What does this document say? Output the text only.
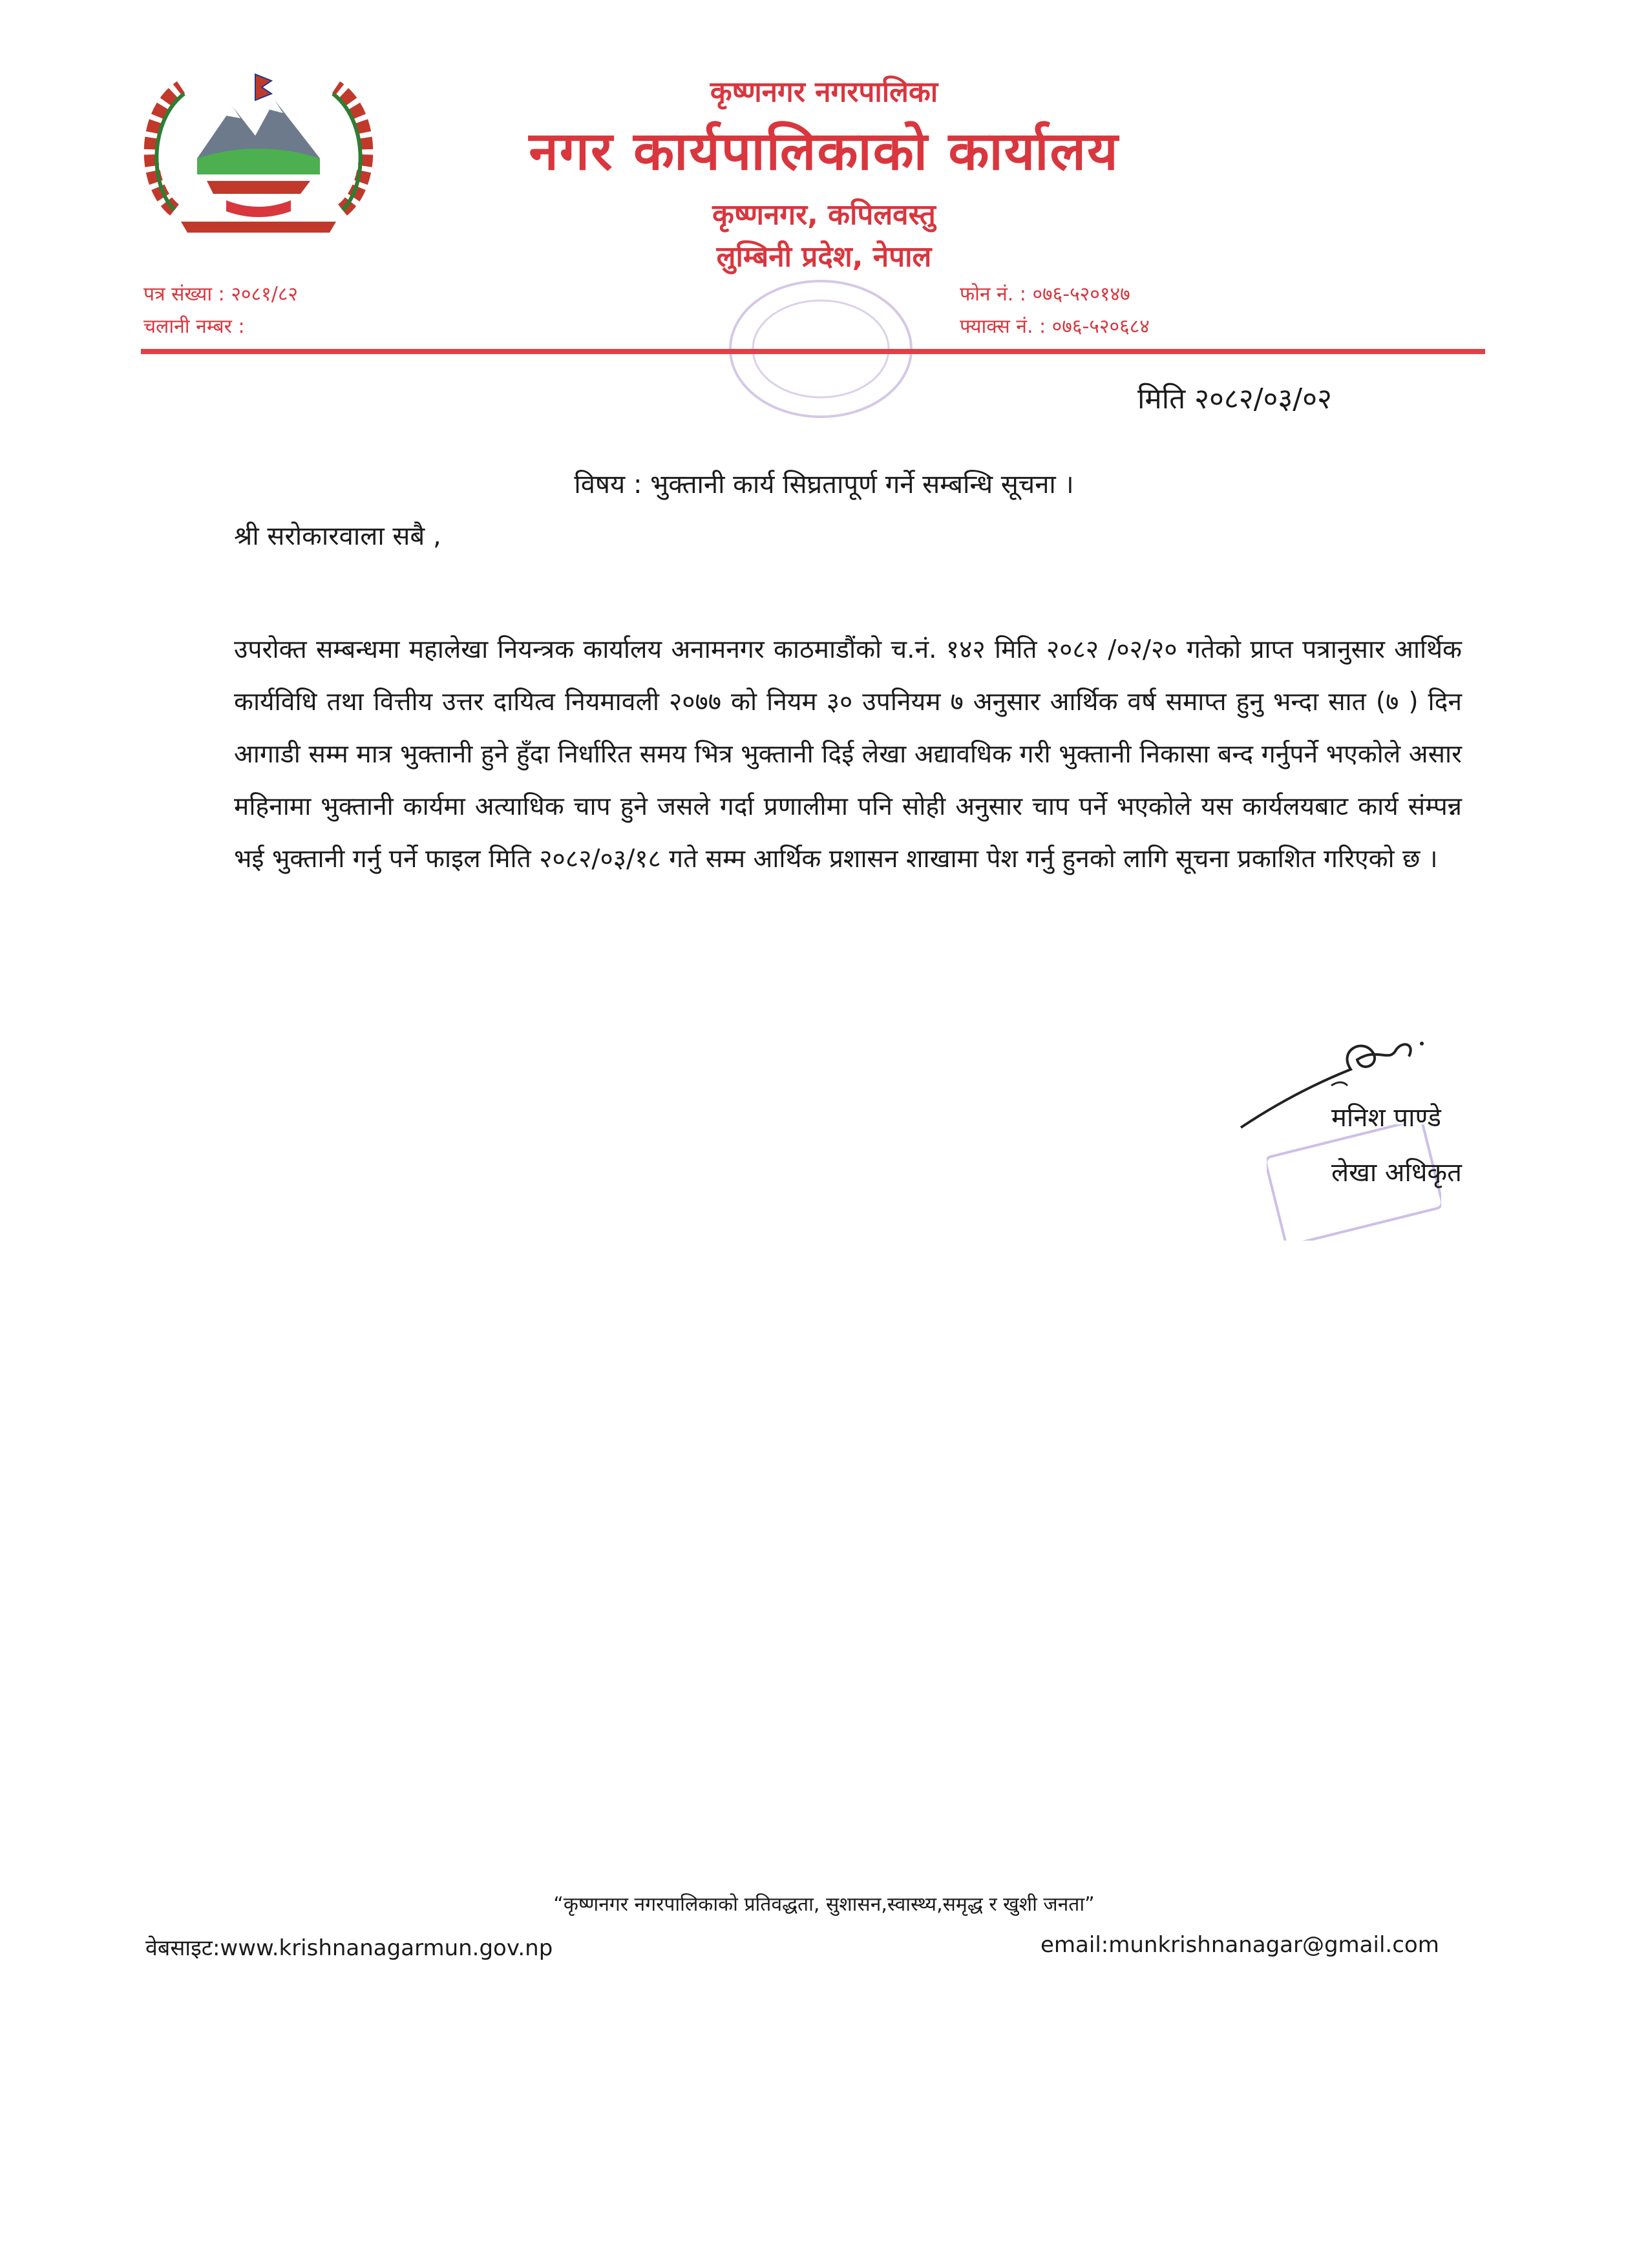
कृष्णनगर नगरपालिका
नगर कार्यपालिकाको कार्यालय
कृष्णनगर, कपिलवस्तु
लुम्बिनी प्रदेश, नेपाल
पत्र संख्या : २०८१/८२
चलानी नम्बर :
फोन नं. : ०७६-५२०१४७
फ्याक्स नं. : ०७६-५२०६८४
मिति २०८२/०३/०२
विषय : भुक्तानी कार्य सिघ्रतापूर्ण गर्ने सम्बन्धि सूचना ।
श्री सरोकारवाला सबै ,
उपरोक्त सम्बन्धमा महालेखा नियन्त्रक कार्यालय अनामनगर काठमाडौंको च.नं. १४२ मिति २०८२ /०२/२० गतेको प्राप्त पत्रानुसार आर्थिक कार्यविधि तथा वित्तीय उत्तर दायित्व नियमावली २०७७ को नियम ३० उपनियम ७ अनुसार आर्थिक वर्ष समाप्त हुनु भन्दा सात (७ ) दिन आगाडी सम्म मात्र भुक्तानी हुने हुँदा निर्धारित समय भित्र भुक्तानी दिई लेखा अद्यावधिक गरी भुक्तानी निकासा बन्द गर्नुपर्ने भएकोले असार महिनामा भुक्तानी कार्यमा अत्याधिक चाप हुने जसले गर्दा प्रणालीमा पनि सोही अनुसार चाप पर्ने भएकोले यस कार्यलयबाट कार्य संम्पन्न भई भुक्तानी गर्नु पर्ने फाइल मिति २०८२/०३/१८ गते सम्म आर्थिक प्रशासन शाखामा पेश गर्नु हुनको लागि सूचना प्रकाशित गरिएको छ ।
मनिश पाण्डे
लेखा अधिकृत
“कृष्णनगर नगरपालिकाको प्रतिवद्धता, सुशासन,स्वास्थ्य,समृद्ध र खुशी जनता”
वेबसाइट:www.krishnanagarmun.gov.np	email:munkrishnanagar@gmail.com
